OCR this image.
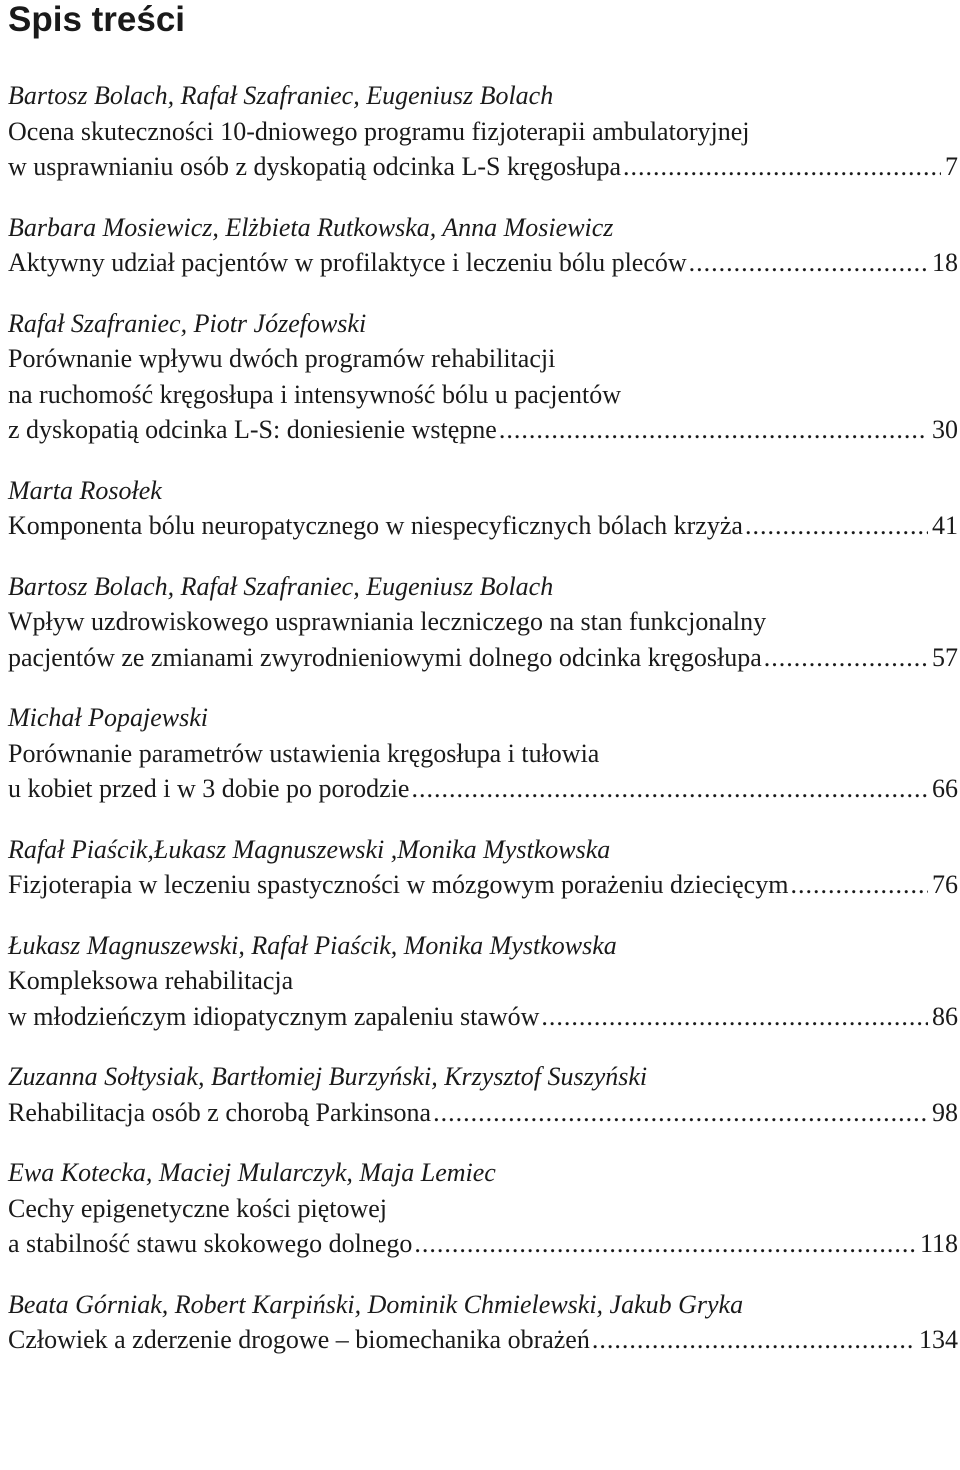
Spis treści
Bartosz Bolach, Rafał Szafraniec, Eugeniusz Bolach
Ocena skuteczności 10-dniowego programu fizjoterapii ambulatoryjnej
w usprawnianiu osób z dyskopatią odcinka L-S kręgosłupa .....	7
Barbara Mosiewicz, Elżbieta Rutkowska, Anna Mosiewicz
Aktywny udział pacjentów w profilaktyce i leczeniu bólu pleców .....	18
Rafał Szafraniec, Piotr Józefowski
Porównanie wpływu dwóch programów rehabilitacji
na ruchomość kręgosłupa i intensywność bólu u pacjentów
z dyskopatią odcinka L-S: doniesienie wstępne .....	30
Marta Rosołek
Komponenta bólu neuropatycznego w niespecyficznych bólach krzyża .....	41
Bartosz Bolach, Rafał Szafraniec, Eugeniusz Bolach
Wpływ uzdrowiskowego usprawniania leczniczego na stan funkcjonalny
pacjentów ze zmianami zwyrodnieniowymi dolnego odcinka kręgosłupa .....	57
Michał Popajewski
Porównanie parametrów ustawienia kręgosłupa i tułowia
u kobiet przed i w 3 dobie po porodzie .....	66
Rafał Piaścik,Łukasz Magnuszewski ,Monika Mystkowska
Fizjoterapia w leczeniu spastyczności w mózgowym porażeniu dziecięcym .....	76
Łukasz Magnuszewski, Rafał Piaścik, Monika Mystkowska
Kompleksowa rehabilitacja
w młodzieńczym idiopatycznym zapaleniu stawów .....	86
Zuzanna Sołtysiak, Bartłomiej Burzyński, Krzysztof Suszyński
Rehabilitacja osób z chorobą Parkinsona .....	98
Ewa Kotecka, Maciej Mularczyk, Maja Lemiec
Cechy epigenetyczne kości piętowej
a stabilność stawu skokowego dolnego .....	118
Beata Górniak, Robert Karpiński, Dominik Chmielewski, Jakub Gryka
Człowiek a zderzenie drogowe – biomechanika obrażeń .....	134
